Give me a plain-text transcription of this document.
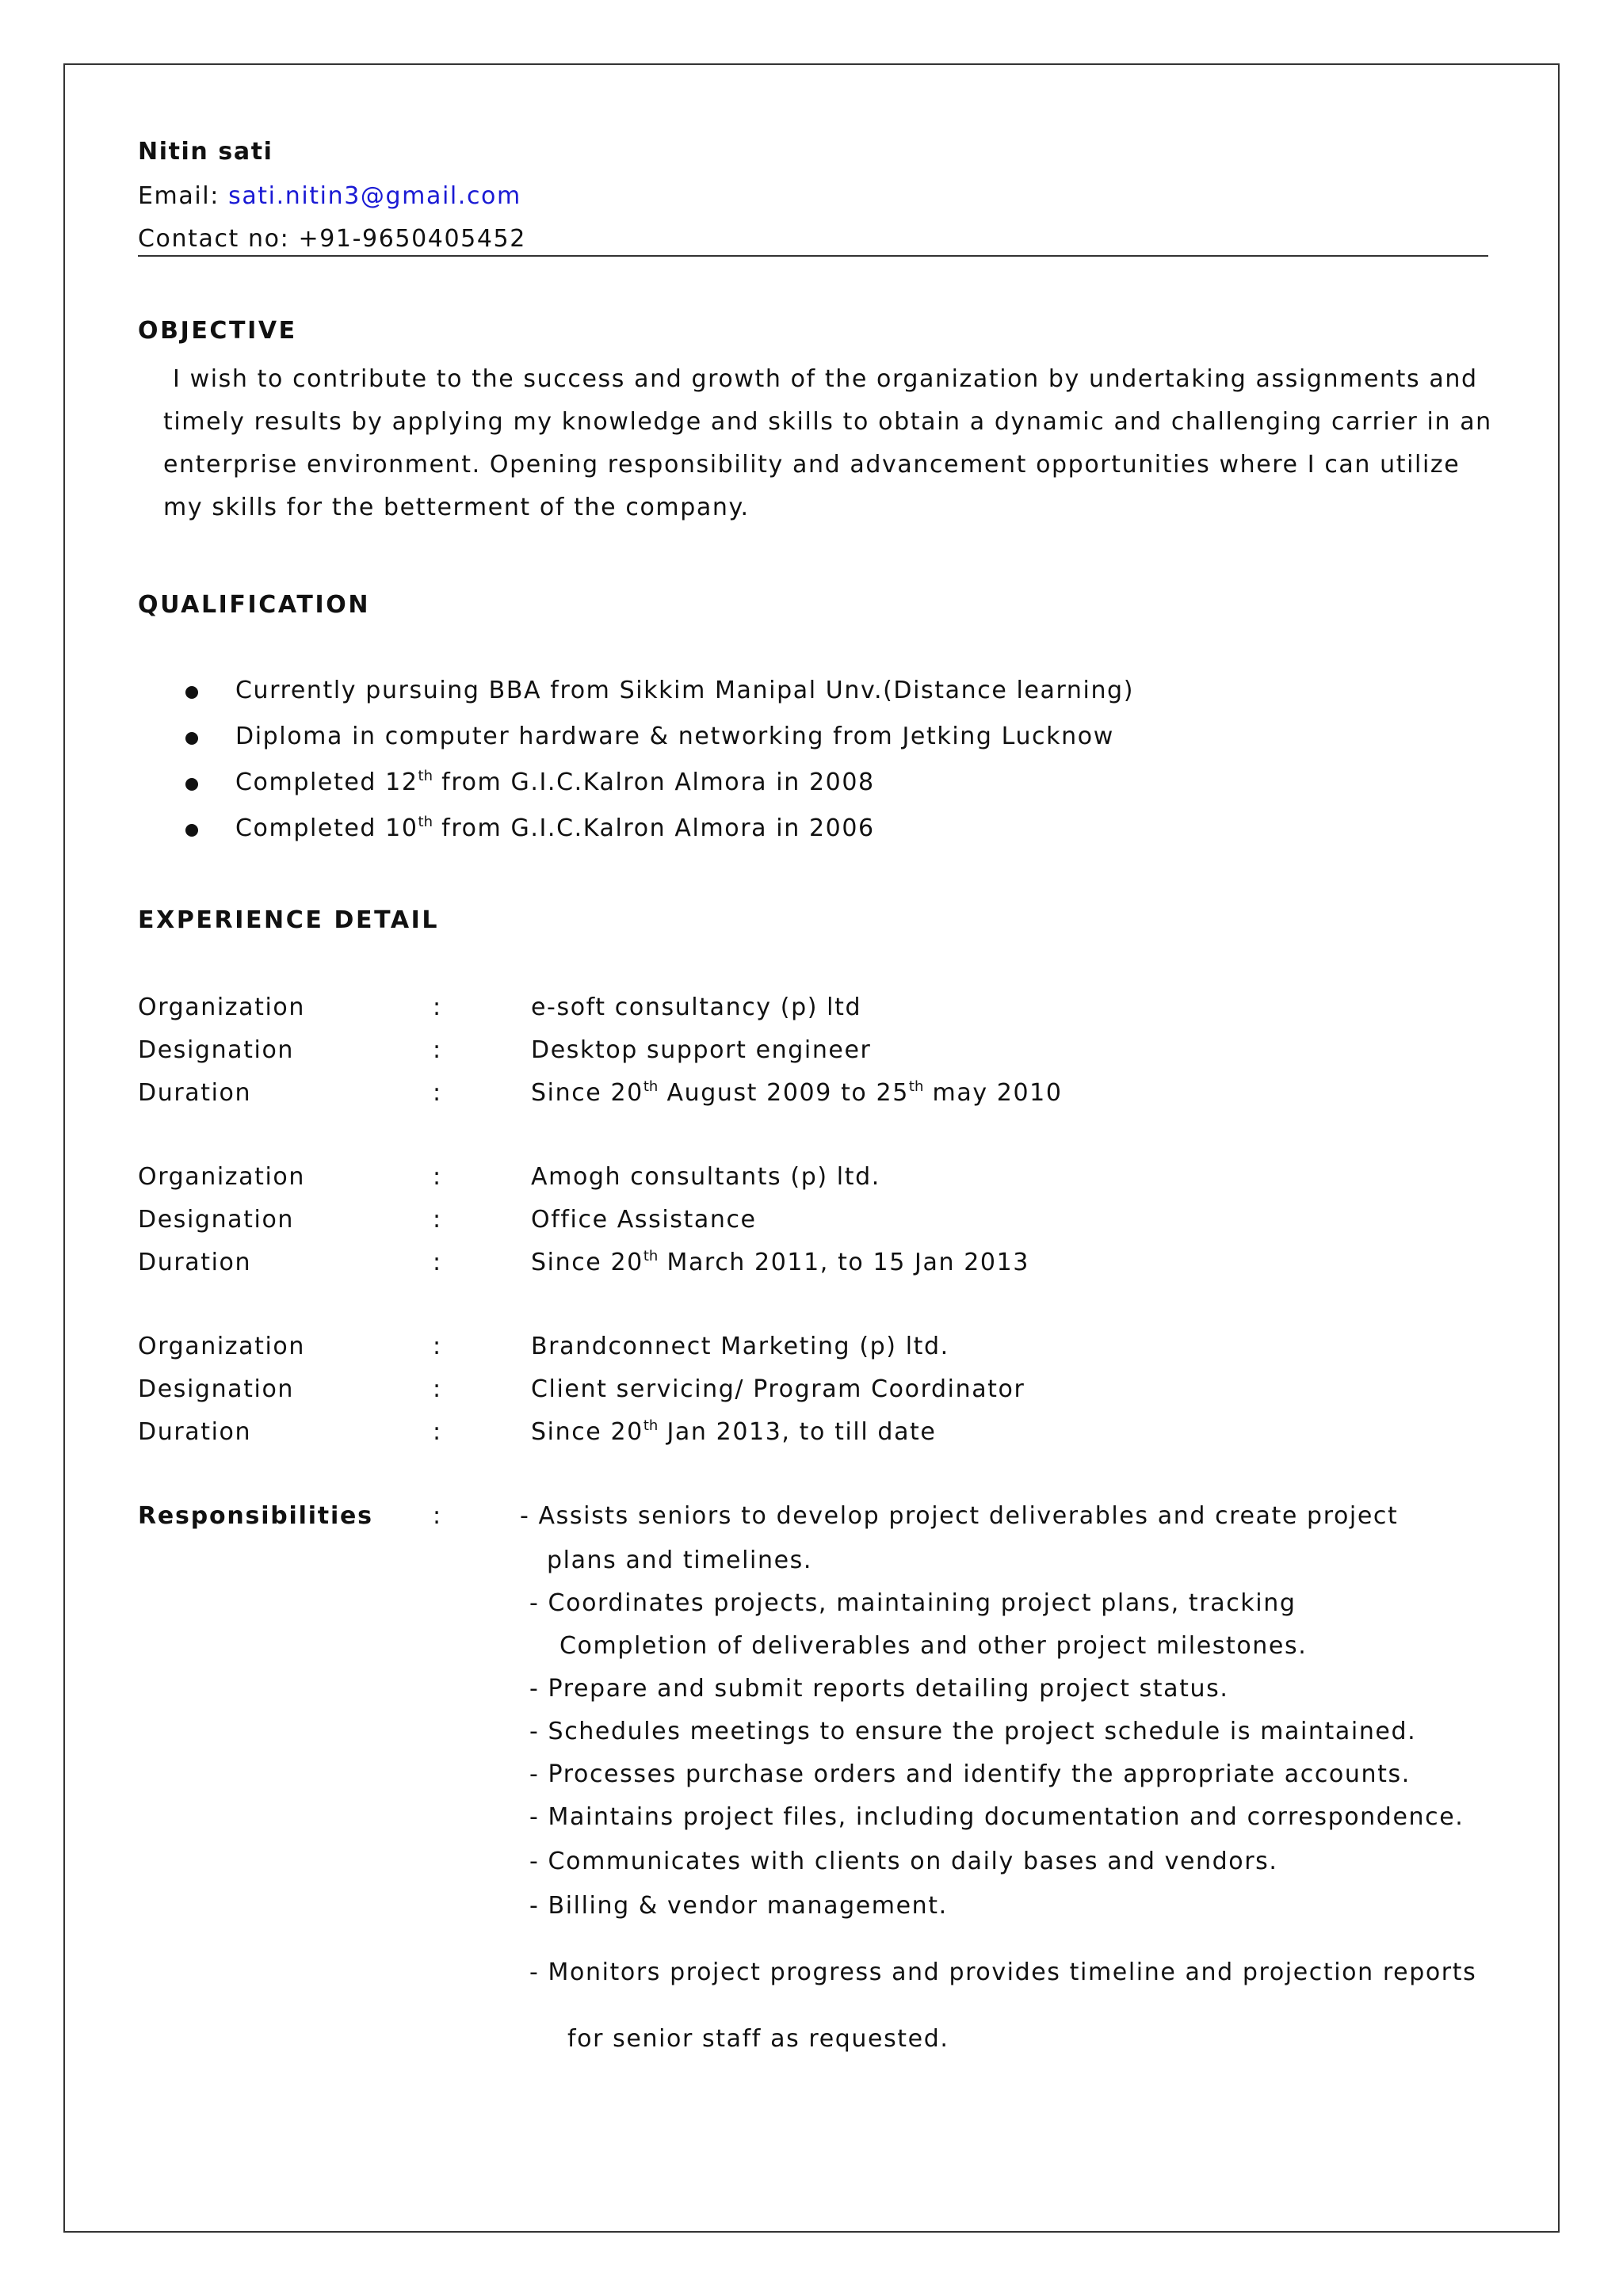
Nitin sati
Email: sati.nitin3@gmail.com
Contact no: +91-9650405452
OBJECTIVE

I wish to contribute to the success and growth of the organization by undertaking assignments and

timely results by applying my knowledge and skills to obtain a dynamic and challenging carrier in an

enterprise environment. Opening responsibility and advancement opportunities where I can utilize

my skills for the betterment of the company.

QUALIFICATION
Currently pursuing BBA from Sikkim Manipal Unv.(Distance learning)
Diploma in computer hardware & networking from Jetking Lucknow
Completed 12th from G.I.C.Kalron Almora in 2008
Completed 10th from G.I.C.Kalron Almora in 2006
EXPERIENCE DETAIL
Organization	:	e-soft consultancy (p) ltd
Designation	:	Desktop support engineer
Duration	:	Since 20th August 2009 to 25th may 2010
Organization	:	Amogh consultants (p) ltd.
Designation	:	Office Assistance
Duration	:	Since 20th March 2011, to 15 Jan 2013
Organization	:	Brandconnect Marketing (p) ltd.
Designation	:	Client servicing/ Program Coordinator
Duration	:	Since 20th Jan 2013, to till date
Responsibilities	:	- Assists seniors to develop project deliverables and create project
plans and timelines.
- Coordinates projects, maintaining project plans, tracking
Completion of deliverables and other project milestones.
- Prepare and submit reports detailing project status.
- Schedules meetings to ensure the project schedule is maintained.
- Processes purchase orders and identify the appropriate accounts.
- Maintains project files, including documentation and correspondence.
- Communicates with clients on daily bases and vendors.
- Billing & vendor management.
- Monitors project progress and provides timeline and projection reports
for senior staff as requested.
